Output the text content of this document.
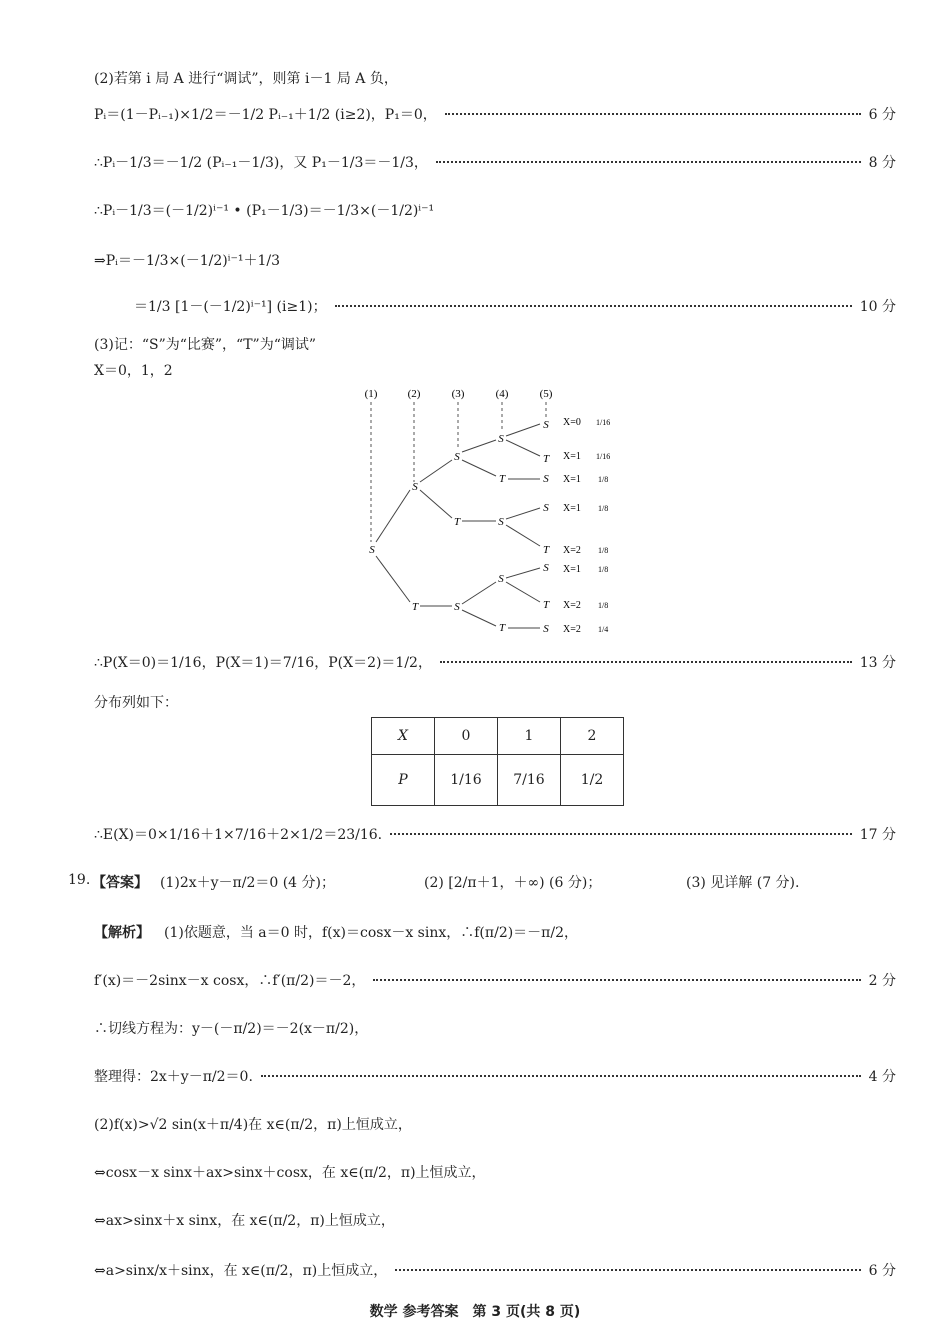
(2)若第 i 局 A 进行“调试”，则第 i－1 局 A 负，
Pᵢ＝(1－Pᵢ₋₁)×1/2＝－1/2 Pᵢ₋₁＋1/2 (i≥2)，P₁＝0，	6 分
∴Pᵢ－1/3＝－1/2 (Pᵢ₋₁－1/3)，又 P₁－1/3＝－1/3，	8 分
∴Pᵢ－1/3＝(－1/2)ⁱ⁻¹ • (P₁－1/3)＝－1/3×(－1/2)ⁱ⁻¹
⇒Pᵢ＝－1/3×(－1/2)ⁱ⁻¹＋1/3
＝1/3 [1－(－1/2)ⁱ⁻¹] (i≥1)；	10 分
(3)记：“S”为“比赛”，“T”为“调试”
X＝0，1，2
(1)	(2)	(3)	(4)	(5)
S
S
T
S
T
S
S
T
S
S
T
S
T
S
S
T
S
T
S
X=0 1/16
X=1 1/16
X=1 1/8
X=1 1/8
X=2 1/8
X=1 1/8
X=2 1/8
X=2 1/4
∴P(X＝0)＝1/16，P(X＝1)＝7/16，P(X＝2)＝1/2，	13 分
分布列如下：
X	0	1	2
P	1/16	7/16	1/2
∴E(X)＝0×1/16＋1×7/16＋2×1/2＝23/16.	17 分
19. 【答案】 (1)2x＋y－π/2＝0 (4 分)；	(2) [2/π＋1，＋∞) (6 分)；	(3) 见详解 (7 分).
【解析】 (1)依题意，当 a＝0 时，f(x)＝cosx－x sinx，∴f(π/2)＝－π/2，
f′(x)＝－2sinx－x cosx，∴f′(π/2)＝－2，	2 分
∴切线方程为：y－(－π/2)＝－2(x－π/2)，
整理得：2x＋y－π/2＝0.	4 分
(2)f(x)>√2 sin(x＋π/4)在 x∈(π/2，π)上恒成立，
⇔cosx－x sinx＋ax>sinx＋cosx，在 x∈(π/2，π)上恒成立，
⇔ax>sinx＋x sinx，在 x∈(π/2，π)上恒成立，
⇔a>sinx/x＋sinx，在 x∈(π/2，π)上恒成立，	6 分
数学 参考答案　第 3 页(共 8 页)
